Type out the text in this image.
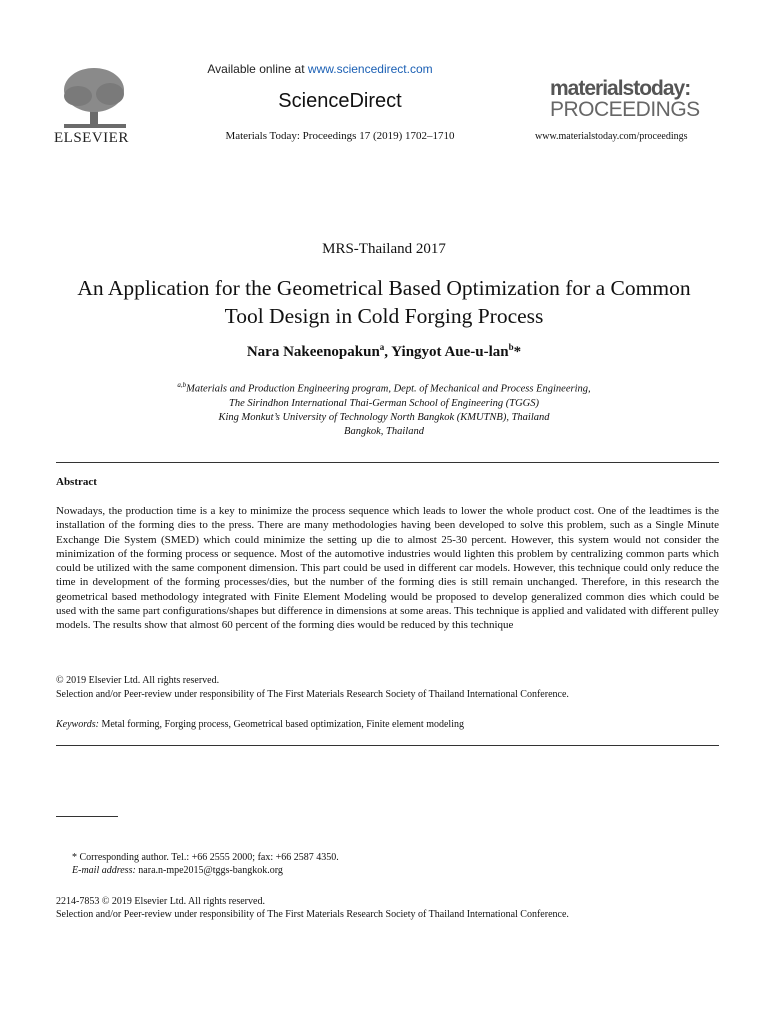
ELSEVIER
Available online at www.sciencedirect.com
ScienceDirect
Materials Today: Proceedings 17 (2019) 1702–1710
materialstoday:
PROCEEDINGS
www.materialstoday.com/proceedings
MRS-Thailand 2017
An Application for the Geometrical Based Optimization for a Common Tool Design in Cold Forging Process
Nara Nakeenopakun$^a$, Yingyot Aue-u-lan$^b$*
$^{a,b}$Materials and Production Engineering program, Dept. of Mechanical and Process Engineering,
The Sirindhon International Thai-German School of Engineering (TGGS)
King Monkut’s University of Technology North Bangkok (KMUTNB), Thailand
Bangkok, Thailand
Abstract
Nowadays, the production time is a key to minimize the process sequence which leads to lower the whole product cost. One of the leadtimes is the installation of the forming dies to the press. There are many methodologies having been developed to solve this problem, such as a Single Minute Exchange Die System (SMED) which could minimize the setting up die to almost 25-30 percent. However, this system would not consider the minimization of the forming process or sequence. Most of the automotive industries would lighten this problem by centralizing common parts which could be utilized with the same component dimension. This part could be used in different car models. However, this technique could only reduce the time in development of the forming processes/dies, but the number of the forming dies is still remain unchanged. Therefore, in this research the geometrical based methodology integrated with Finite Element Modeling would be proposed to develop generalized common dies which could be used with the same part configurations/shapes but difference in dimensions at some areas. This technique is applied and validated with different pulley models. The results show that almost 60 percent of the forming dies would be reduced by this technique
© 2019 Elsevier Ltd. All rights reserved.
Selection and/or Peer-review under responsibility of The First Materials Research Society of Thailand International Conference.
Keywords: Metal forming, Forging process, Geometrical based optimization, Finite element modeling
* Corresponding author. Tel.: +66 2555 2000; fax: +66 2587 4350.
E-mail address: nara.n-mpe2015@tggs-bangkok.org
2214-7853 © 2019 Elsevier Ltd. All rights reserved.
Selection and/or Peer-review under responsibility of The First Materials Research Society of Thailand International Conference.
